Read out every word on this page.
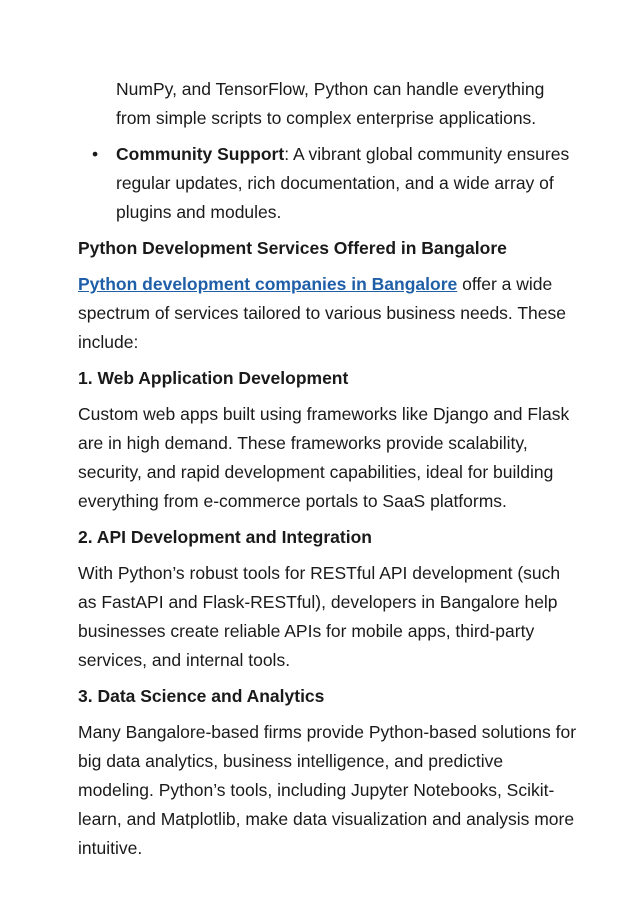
NumPy, and TensorFlow, Python can handle everything from simple scripts to complex enterprise applications.

• Community Support: A vibrant global community ensures regular updates, rich documentation, and a wide array of plugins and modules.
Python Development Services Offered in Bangalore

Python development companies in Bangalore offer a wide spectrum of services tailored to various business needs. These include:

1. Web Application Development

Custom web apps built using frameworks like Django and Flask are in high demand. These frameworks provide scalability, security, and rapid development capabilities, ideal for building everything from e-commerce portals to SaaS platforms.

2. API Development and Integration

With Python’s robust tools for RESTful API development (such as FastAPI and Flask-RESTful), developers in Bangalore help businesses create reliable APIs for mobile apps, third-party services, and internal tools.

3. Data Science and Analytics

Many Bangalore-based firms provide Python-based solutions for big data analytics, business intelligence, and predictive modeling. Python’s tools, including Jupyter Notebooks, Scikit-learn, and Matplotlib, make data visualization and analysis more intuitive.
